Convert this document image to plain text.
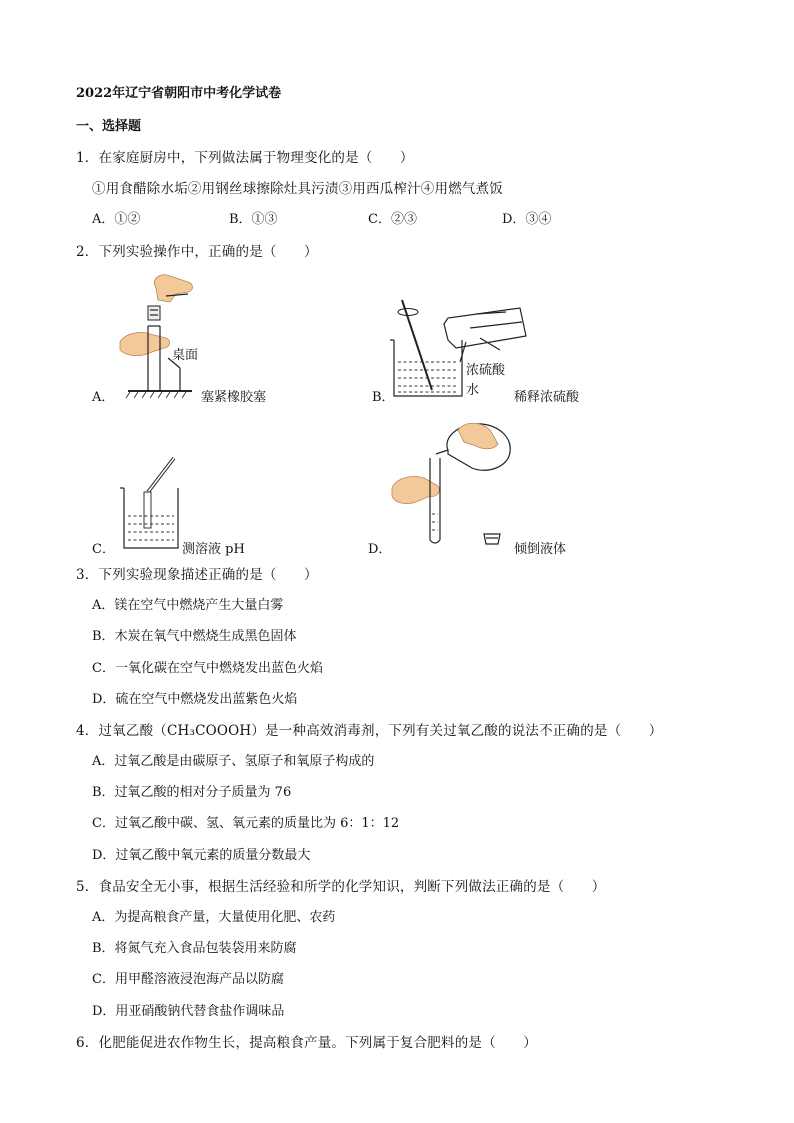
2022年辽宁省朝阳市中考化学试卷
一、选择题
1．在家庭厨房中，下列做法属于物理变化的是（　　）
①用食醋除水垢②用钢丝球擦除灶具污渍③用西瓜榨汁④用燃气煮饭
A．①②	B．①③	C．②③	D．③④
2．下列实验操作中，正确的是（　　）
A．
桌面
塞紧橡胶塞	B．
浓硫酸
水	稀释浓硫酸
C．	测溶液 pH	D．	倾倒液体
3．下列实验现象描述正确的是（　　）
A．镁在空气中燃烧产生大量白雾
B．木炭在氧气中燃烧生成黑色固体
C．一氧化碳在空气中燃烧发出蓝色火焰
D．硫在空气中燃烧发出蓝紫色火焰
4．过氧乙酸（CH₃COOOH）是一种高效消毒剂，下列有关过氧乙酸的说法不正确的是（　　）
A．过氧乙酸是由碳原子、氢原子和氧原子构成的
B．过氧乙酸的相对分子质量为 76
C．过氧乙酸中碳、氢、氧元素的质量比为 6：1：12
D．过氧乙酸中氧元素的质量分数最大
5．食品安全无小事，根据生活经验和所学的化学知识，判断下列做法正确的是（　　）
A．为提高粮食产量，大量使用化肥、农药
B．将氮气充入食品包装袋用来防腐
C．用甲醛溶液浸泡海产品以防腐
D．用亚硝酸钠代替食盐作调味品
6．化肥能促进农作物生长，提高粮食产量。下列属于复合肥料的是（　　）
